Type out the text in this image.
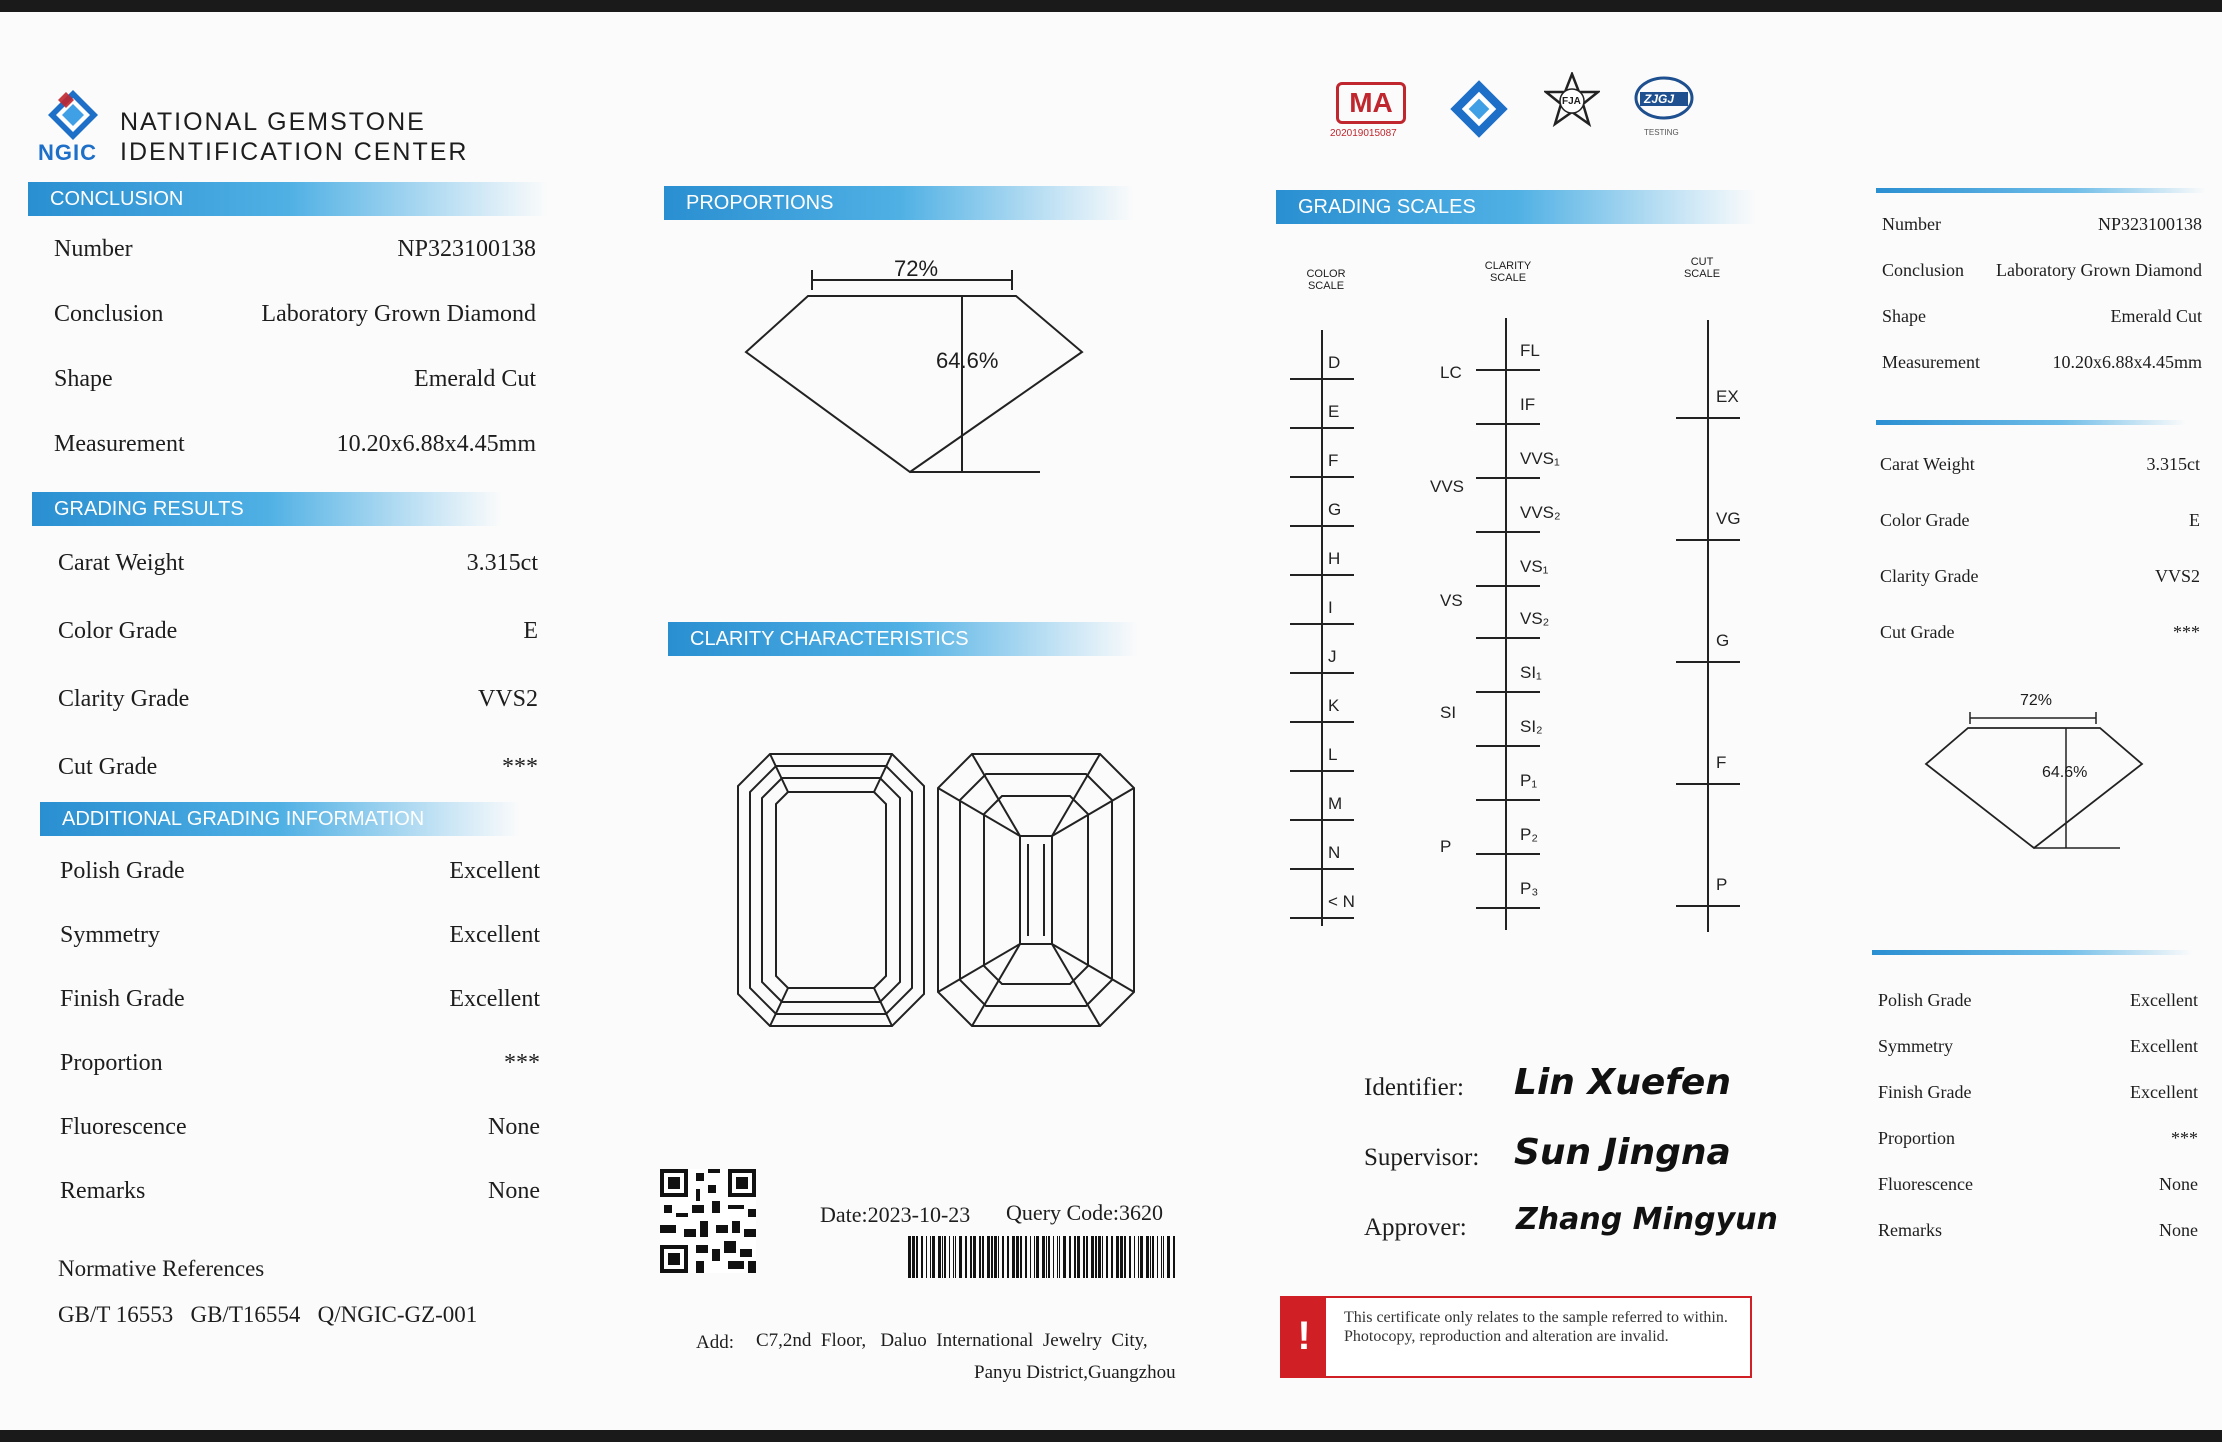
NGIC
NATIONAL GEMSTONE
IDENTIFICATION CENTER
CONCLUSION
Number	NP323100138
Conclusion	Laboratory Grown Diamond
Shape	Emerald Cut
Measurement	10.20x6.88x4.45mm
GRADING RESULTS
Carat Weight	3.315ct
Color Grade	E
Clarity Grade	VVS2
Cut Grade	***
ADDITIONAL GRADING INFORMATION
Polish Grade	Excellent
Symmetry	Excellent
Finish Grade	Excellent
Proportion	***
Fluorescence	None
Remarks	None
Normative References
GB/T 16553   GB/T16554   Q/NGIC-GZ-001
PROPORTIONS
72%
64.6%
CLARITY CHARACTERISTICS
Date:2023-10-23 Query Code:3620
Add: C7,2nd  Floor,   Daluo  International  Jewelry  City,
Panyu District,Guangzhou
MA
202019015087
FJA	ZJGJ
TESTING
GRADING SCALES
COLOR
SCALE
CLARITY
SCALE
CUT
SCALE
D
E
F
G
H
I
J
K
L
M
N
< N
FL
IF
VVS₁
VVS₂
VS₁
VS₂
SI₁
SI₂
P₁
P₂
P₃
LC
VVS
VS
SI
P
EX
VG
G
F
P
Identifier: Lin Xuefen
Supervisor: Sun Jingna
Approver: Zhang Mingyun
!	This certificate only relates to the sample referred to within. Photocopy, reproduction and alteration are invalid.
Number	NP323100138
Conclusion Laboratory Grown Diamond
Shape	Emerald Cut
Measurement	10.20x6.88x4.45mm
Carat Weight	3.315ct
Color Grade	E
Clarity Grade	VVS2
Cut Grade	***
72%
64.6%
Polish Grade	Excellent
Symmetry	Excellent
Finish Grade	Excellent
Proportion	***
Fluorescence	None
Remarks	None
